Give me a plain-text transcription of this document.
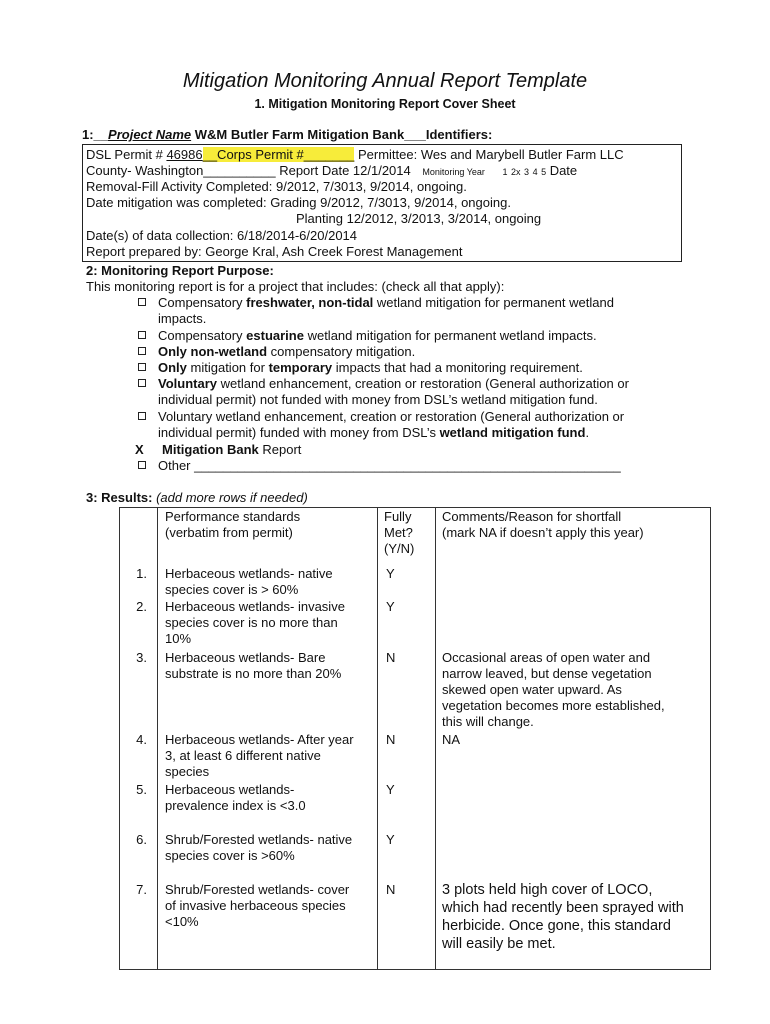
Mitigation Monitoring Annual Report Template
1. Mitigation Monitoring Report Cover Sheet
1:__Project Name W&M Butler Farm Mitigation Bank___Identifiers:
DSL Permit # 46986__Corps Permit #_______ Permittee: Wes and Marybell Butler Farm LLC
County- Washington__________ Report Date 12/1/2014 Monitoring Year 1 2x 3 4 5 Date
Removal-Fill Activity Completed: 9/2012, 7/3013, 9/2014, ongoing.
Date mitigation was completed: Grading 9/2012, 7/3013, 9/2014, ongoing.
Planting 12/2012, 3/2013, 3/2014, ongoing
Date(s) of data collection: 6/18/2014-6/20/2014
Report prepared by: George Kral, Ash Creek Forest Management
2: Monitoring Report Purpose:
This monitoring report is for a project that includes: (check all that apply):
Compensatory freshwater, non-tidal wetland mitigation for permanent wetland
impacts.
Compensatory estuarine wetland mitigation for permanent wetland impacts.
Only non-wetland compensatory mitigation.
Only mitigation for temporary impacts that had a monitoring requirement.
Voluntary wetland enhancement, creation or restoration (General authorization or
individual permit) not funded with money from DSL’s wetland mitigation fund.
Voluntary wetland enhancement, creation or restoration (General authorization or
individual permit) funded with money from DSL’s wetland mitigation fund.
X Mitigation Bank Report
Other ___________________________________________________________
3: Results: (add more rows if needed)
Performance standards
(verbatim from permit)
Fully
Met?
(Y/N)
Comments/Reason for shortfall
(mark NA if doesn’t apply this year)
1. Herbaceous wetlands- native
species cover is > 60%
Y
2. Herbaceous wetlands- invasive
species cover is no more than
10%
Y
3. Herbaceous wetlands- Bare
substrate is no more than 20%
N	Occasional areas of open water and
narrow leaved, but dense vegetation
skewed open water upward. As
vegetation becomes more established,
this will change.
4. Herbaceous wetlands- After year
3, at least 6 different native
species
N	NA
5. Herbaceous wetlands-
prevalence index is <3.0
Y
6. Shrub/Forested wetlands- native
species cover is >60%
Y
7. Shrub/Forested wetlands- cover
of invasive herbaceous species
<10%
N	3 plots held high cover of LOCO,
which had recently been sprayed with
herbicide. Once gone, this standard
will easily be met.
